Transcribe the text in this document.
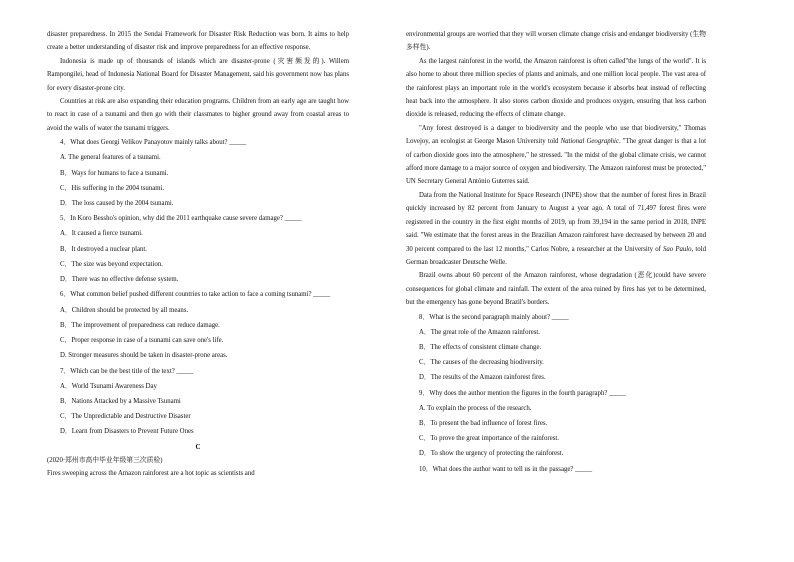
disaster preparedness. In 2015 the Sendai Framework for Disaster Risk Reduction was born. It aims to help create a better understanding of disaster risk and improve preparedness for an effective response.

Indonesia is made up of thousands of islands which are disaster-prone (灾害频发的). Willem Rampongilei, head of Indonesia National Board for Disaster Management, said his government now has plans for every disaster-prone city.

Countries at risk are also expanding their education programs. Children from an early age are taught how to react in case of a tsunami and then go with their classmates to higher ground away from coastal areas to avoid the walls of water the tsunami triggers.

4．What does Georgi Velikov Panayotov mainly talks about? _____

A. The general features of a tsunami.

B．Ways for humans to face a tsunami.

C．His suffering in the 2004 tsunami.

D．The loss caused by the 2004 tsunami.

5．In Koro Bessho's opinion, why did the 2011 earthquake cause severe damage? _____

A．It caused a fierce tsunami.

B．It destroyed a nuclear plant.

C．The size was beyond expectation.

D．There was no effective defense system.

6．What common belief pushed different countries to take action to face a coming tsunami? _____

A．Children should be protected by all means.

B．The improvement of preparedness can reduce damage.

C．Proper response in case of a tsunami can save one's life.

D. Stronger measures should be taken in disaster-prone areas.

7．Which can be the best title of the text? _____

A．World Tsunami Awareness Day

B．Nations Attacked by a Massive Tsunami

C．The Unpredictable and Destructive Disaster

D．Learn from Disasters to Prevent Future Ones

C

(2020·郑州市高中毕业年级第三次质检)

Fires sweeping across the Amazon rainforest are a hot topic as scientists and

environmental groups are worried that they will worsen climate change crisis and endanger biodiversity (生物多样性).

As the largest rainforest in the world, the Amazon rainforest is often called"the lungs of the world". It is also home to about three million species of plants and animals, and one million local people. The vast area of the rainforest plays an important role in the world's ecosystem because it absorbs heat instead of reflecting heat back into the atmosphere. It also stores carbon dioxide and produces oxygen, ensuring that less carbon dioxide is released, reducing the effects of climate change.

"Any forest destroyed is a danger to biodiversity and the people who use that biodiversity," Thomas Lovejoy, an ecologist at George Mason University told National Geographic. "The great danger is that a lot of carbon dioxide goes into the atmosphere," he stressed. "In the midst of the global climate crisis, we cannot afford more damage to a major source of oxygen and biodiversity. The Amazon rainforest must be protected," UN Secretary General António Guterres said.

Data from the National Institute for Space Research (INPE) show that the number of forest fires in Brazil quickly increased by 82 percent from January to August a year ago. A total of 71,497 forest fires were registered in the country in the first eight months of 2019, up from 39,194 in the same period in 2018, INPE said. "We estimate that the forest areas in the Brazilian Amazon rainforest have decreased by between 20 and 30 percent compared to the last 12 months," Carlos Nobre, a researcher at the University of Sao Paulo, told German broadcaster Deutsche Welle.

Brazil owns about 60 percent of the Amazon rainforest, whose degradation (恶化)could have severe consequences for global climate and rainfall. The extent of the area ruined by fires has yet to be determined, but the emergency has gone beyond Brazil's borders.

8．What is the second paragraph mainly about? _____

A．The great role of the Amazon rainforest.

B．The effects of consistent climate change.

C．The causes of the decreasing biodiversity.

D．The results of the Amazon rainforest fires.

9．Why does the author mention the figures in the fourth paragraph? _____

A. To explain the process of the research.

B．To present the bad influence of forest fires.

C．To prove the great importance of the rainforest.

D．To show the urgency of protecting the rainforest.

10．What does the author want to tell us in the passage? _____
